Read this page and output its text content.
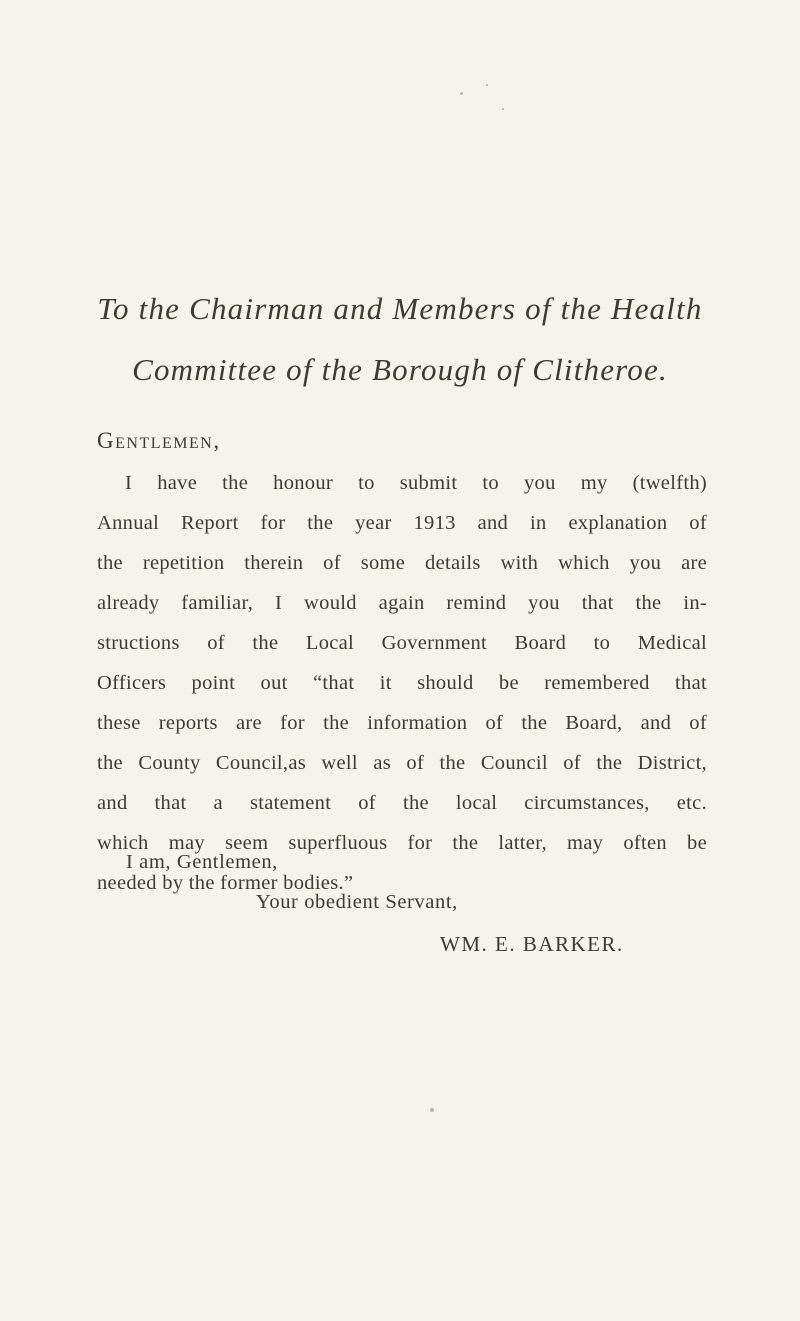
To the Chairman and Members of the Health
Committee of the Borough of Clitheroe.
Gentlemen,
I have the honour to submit to you my (twelfth)
Annual Report for the year 1913 and in explanation of
the repetition therein of some details with which you are
already familiar, I would again remind you that the in-
structions of the Local Government Board to Medical
Officers point out “that it should be remembered that
these reports are for the information of the Board, and of
the County Council,as well as of the Council of the District,
and that a statement of the local circumstances, etc.
which may seem superfluous for the latter, may often be
needed by the former bodies.”
I am, Gentlemen,
Your obedient Servant,
WM. E. BARKER.
